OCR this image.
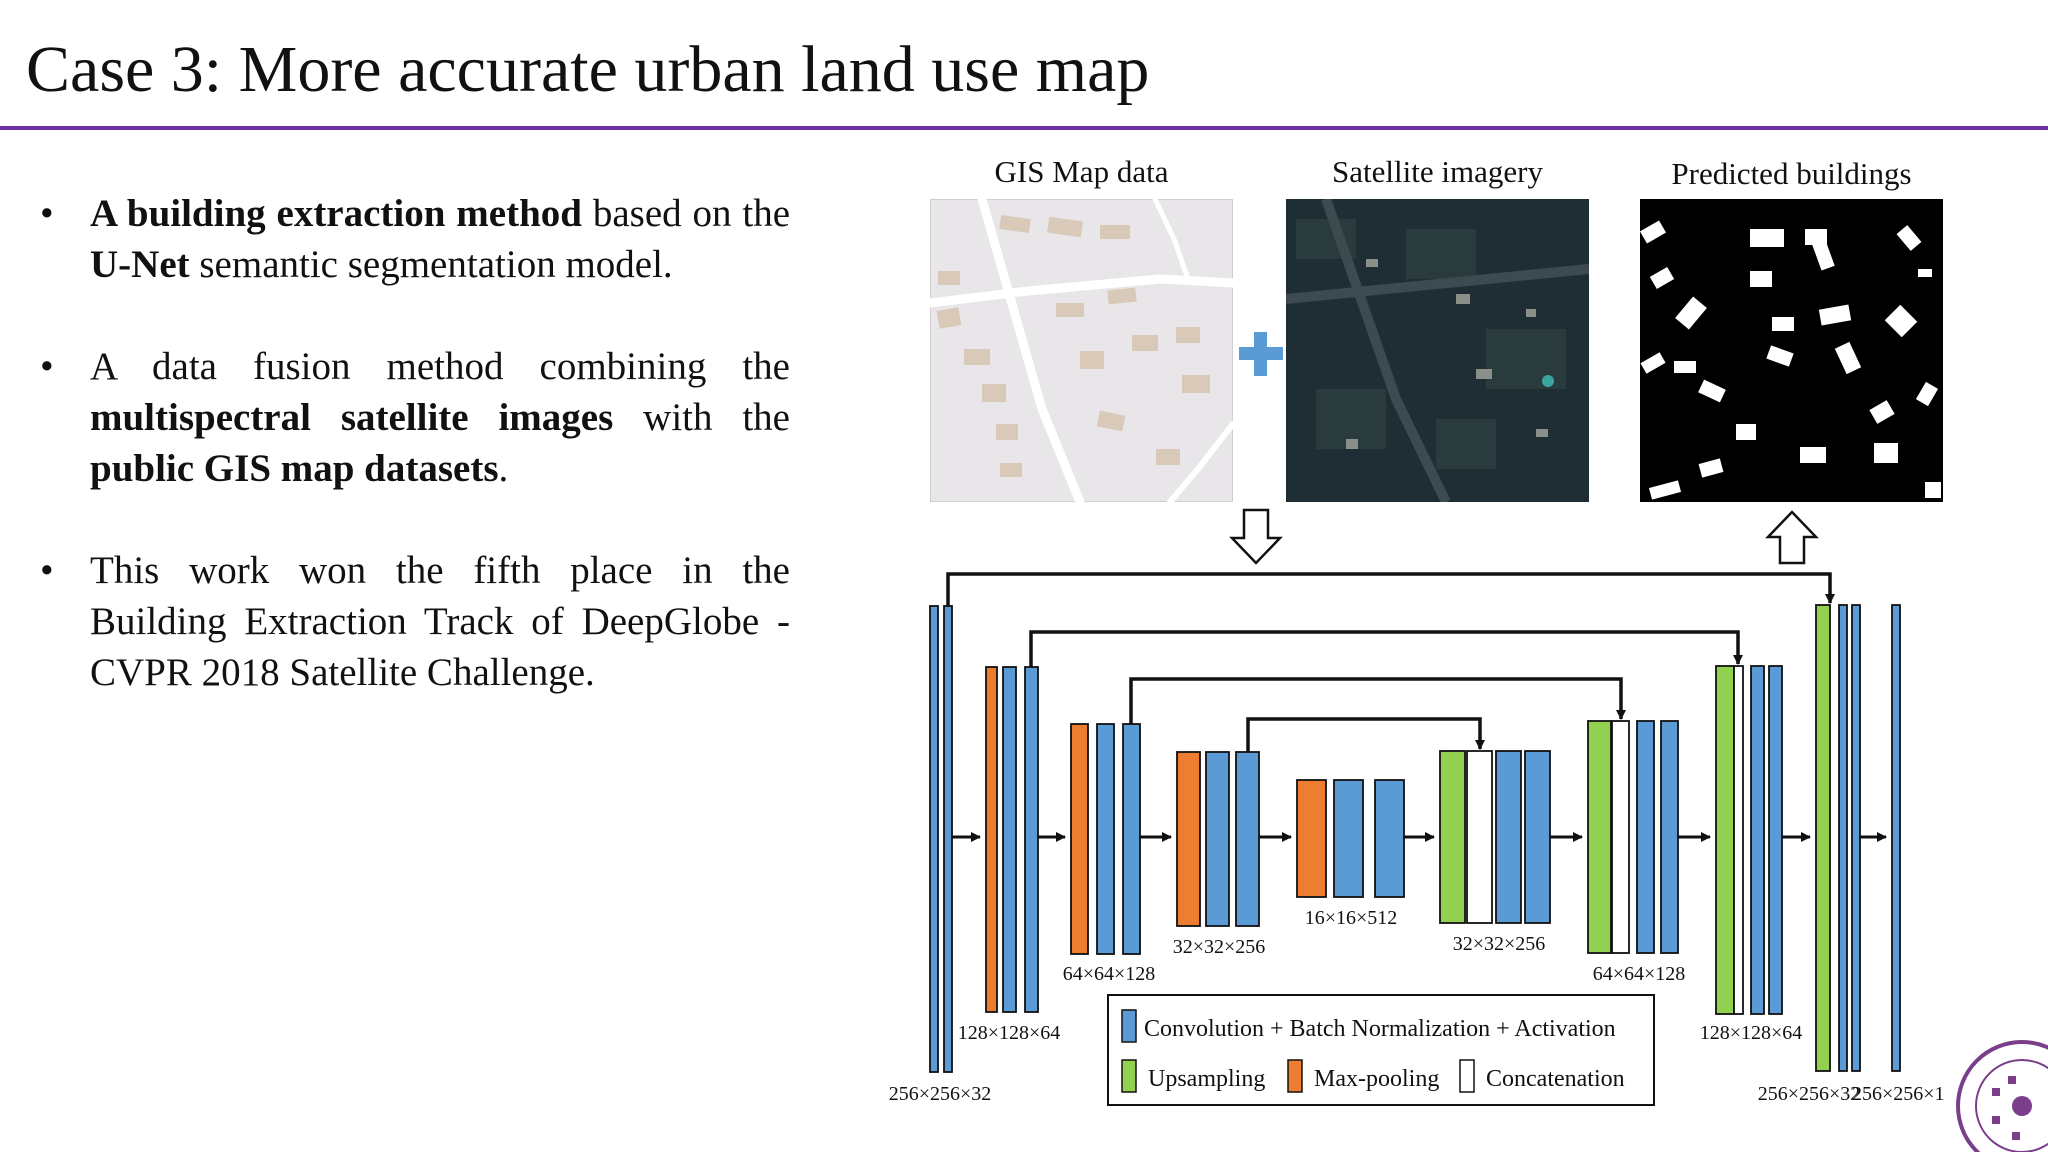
Case 3: More accurate urban land use map
• A building extraction method based on the U-Net semantic segmentation model.

• A data fusion method combining the multispectral satellite images with the public GIS map datasets.

• This work won the fifth place in the Building Extraction Track of DeepGlobe - CVPR 2018 Satellite Challenge.

GIS Map data	Satellite imagery	Predicted buildings
256×256×32
128×128×64
64×64×128
32×32×256
16×16×512
32×32×256
64×64×128
128×128×64
256×256×32
256×256×1
Convolution + Batch Normalization + Activation
Upsampling Max-pooling Concatenation
